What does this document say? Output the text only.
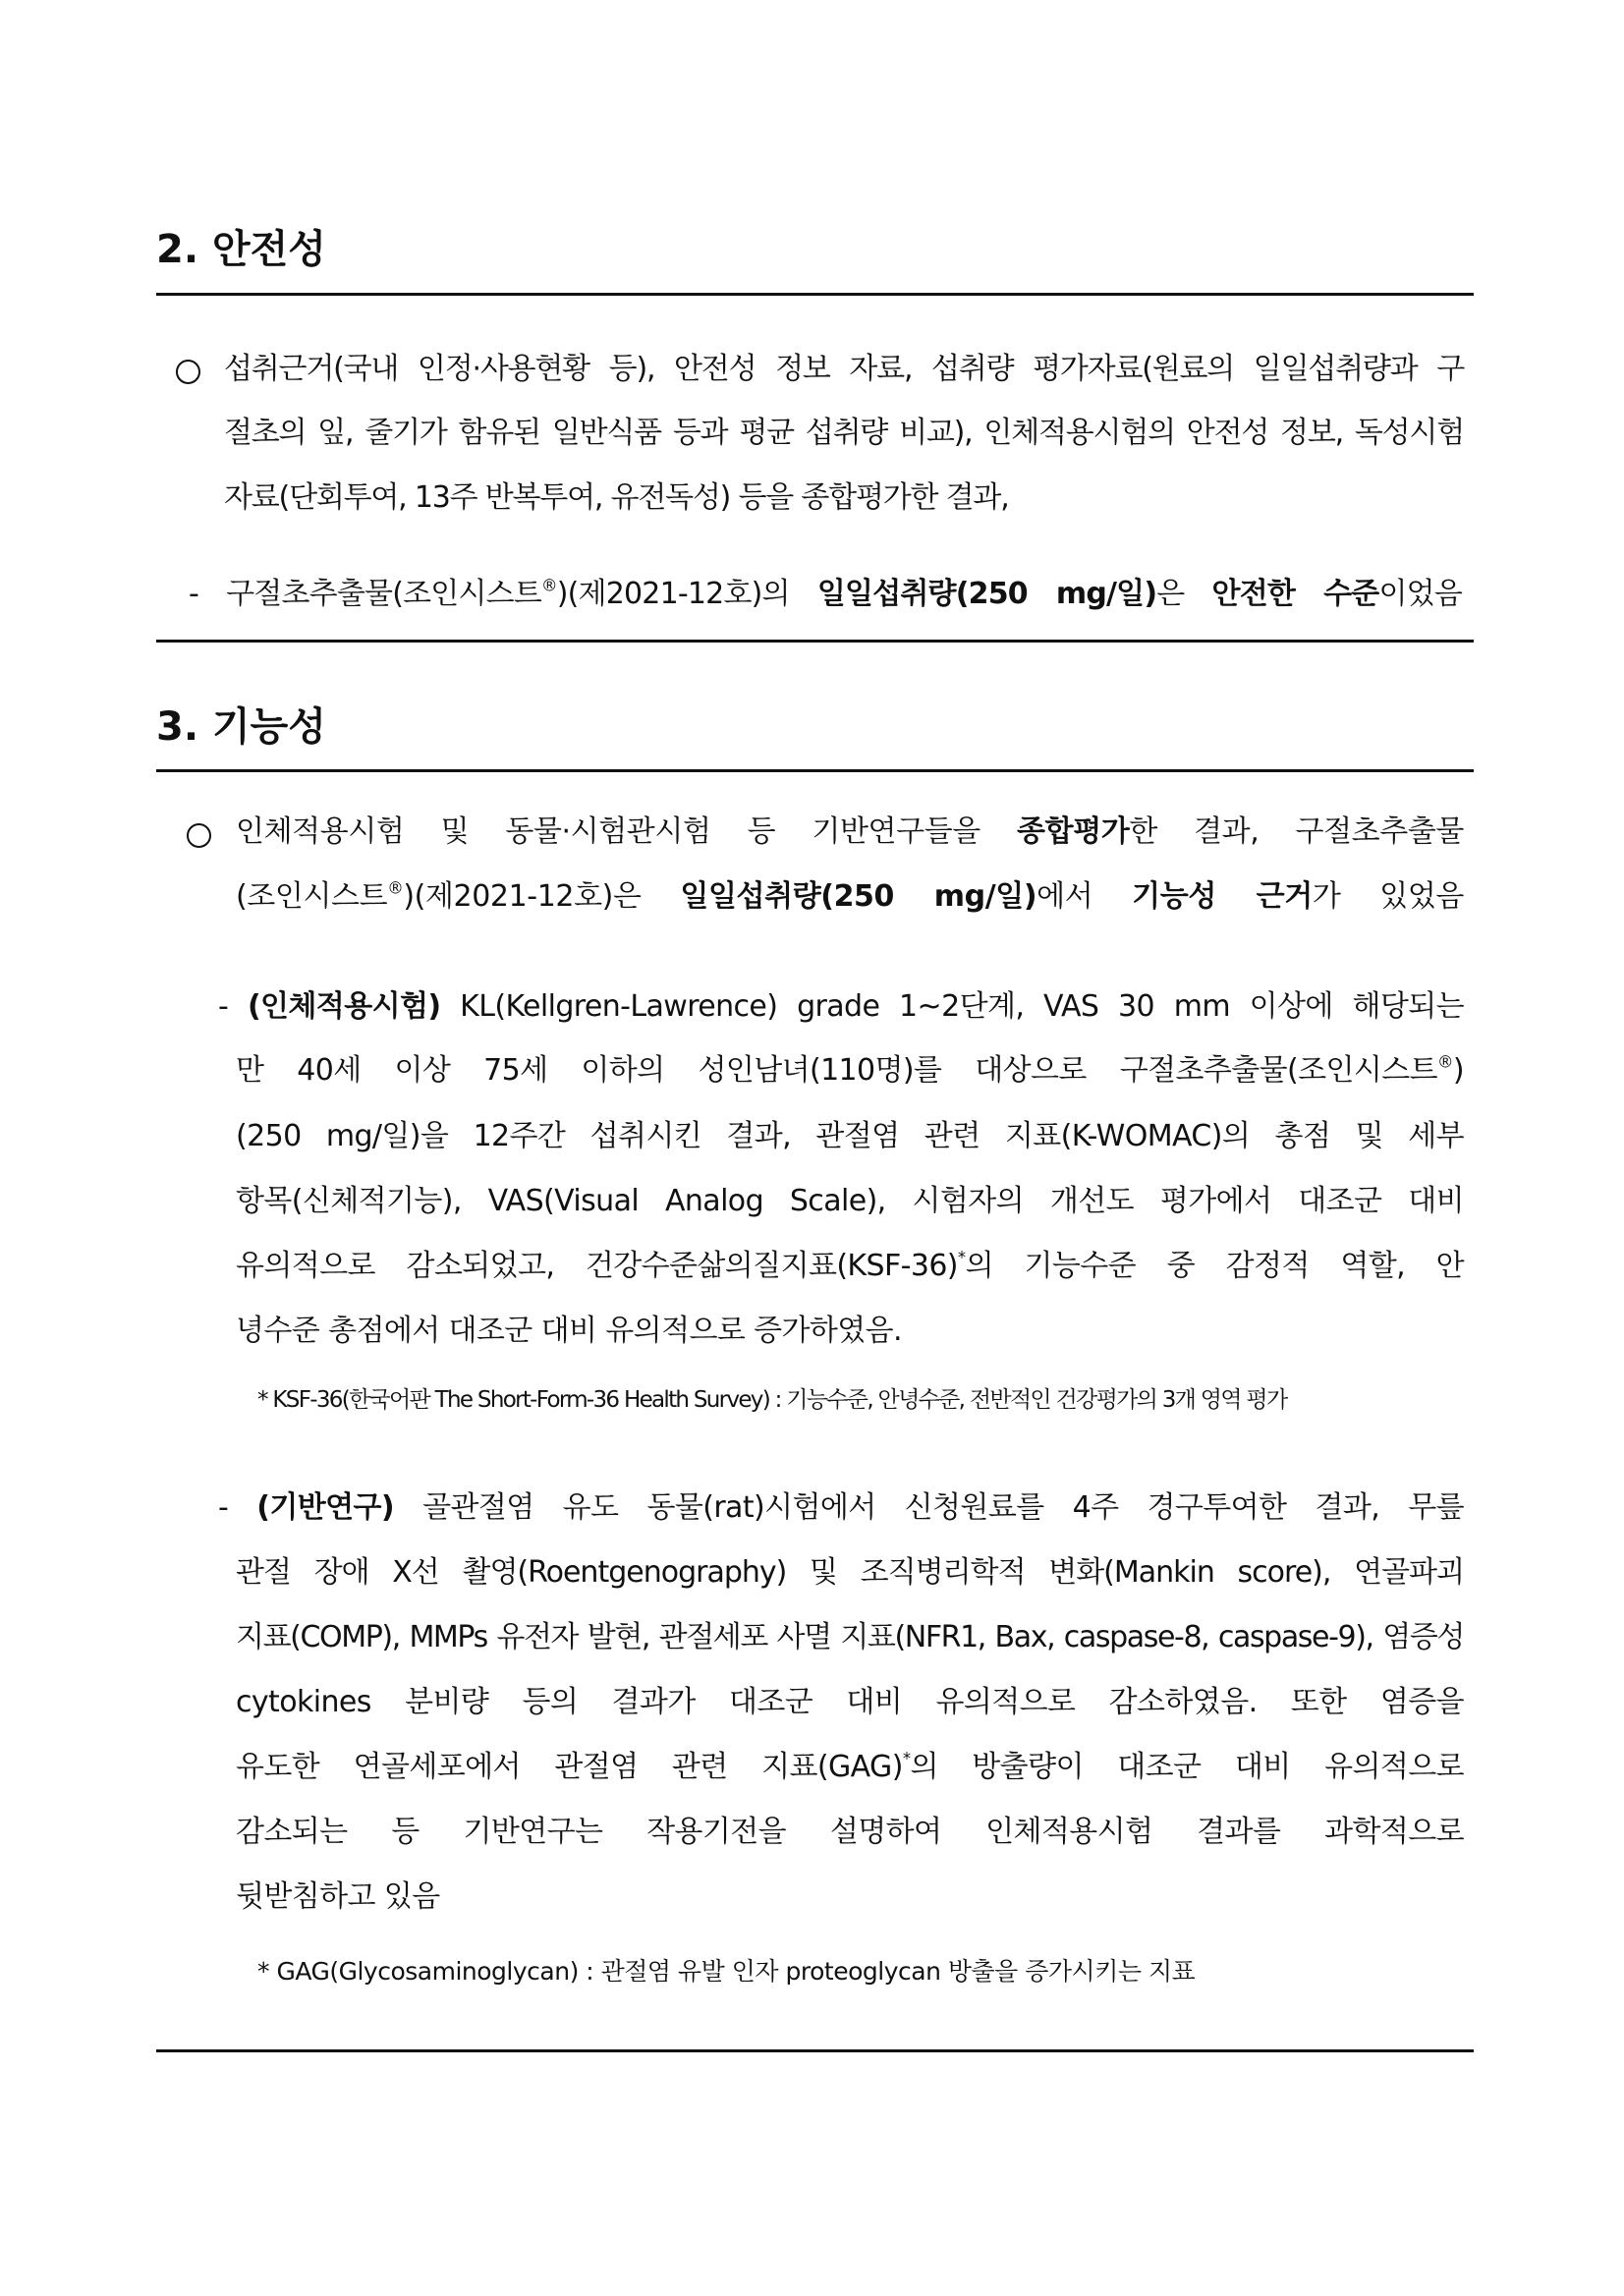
2. 안전성
섭취근거(국내 인정·사용현황 등), 안전성 정보 자료, 섭취량 평가자료(원료의 일일섭취량과 구
절초의 잎, 줄기가 함유된 일반식품 등과 평균 섭취량 비교), 인체적용시험의 안전성 정보, 독성시험
자료(단회투여, 13주 반복투여, 유전독성) 등을 종합평가한 결과,
- 구절초추출물(조인시스트®)(제2021-12호)의 일일섭취량(250 mg/일)은 안전한 수준이었음
3. 기능성
인체적용시험 및 동물·시험관시험 등 기반연구들을 종합평가한 결과, 구절초추출물
(조인시스트®)(제2021-12호)은 일일섭취량(250 mg/일)에서 기능성 근거가 있었음
- (인체적용시험) KL(Kellgren-Lawrence) grade 1~2단계, VAS 30 mm 이상에 해당되는
만 40세 이상 75세 이하의 성인남녀(110명)를 대상으로 구절초추출물(조인시스트®)
(250 mg/일)을 12주간 섭취시킨 결과, 관절염 관련 지표(K-WOMAC)의 총점 및 세부
항목(신체적기능), VAS(Visual Analog Scale), 시험자의 개선도 평가에서 대조군 대비
유의적으로 감소되었고, 건강수준삶의질지표(KSF-36)*의 기능수준 중 감정적 역할, 안
녕수준 총점에서 대조군 대비 유의적으로 증가하였음.
* KSF-36(한국어판 The Short-Form-36 Health Survey) : 기능수준, 안녕수준, 전반적인 건강평가의 3개 영역 평가
- (기반연구) 골관절염 유도 동물(rat)시험에서 신청원료를 4주 경구투여한 결과, 무릎
관절 장애 X선 촬영(Roentgenography) 및 조직병리학적 변화(Mankin score), 연골파괴
지표(COMP), MMPs 유전자 발현, 관절세포 사멸 지표(NFR1, Bax, caspase-8, caspase-9), 염증성
cytokines 분비량 등의 결과가 대조군 대비 유의적으로 감소하였음. 또한 염증을
유도한 연골세포에서 관절염 관련 지표(GAG)*의 방출량이 대조군 대비 유의적으로
감소되는 등 기반연구는 작용기전을 설명하여 인체적용시험 결과를 과학적으로
뒷받침하고 있음
* GAG(Glycosaminoglycan) : 관절염 유발 인자 proteoglycan 방출을 증가시키는 지표
